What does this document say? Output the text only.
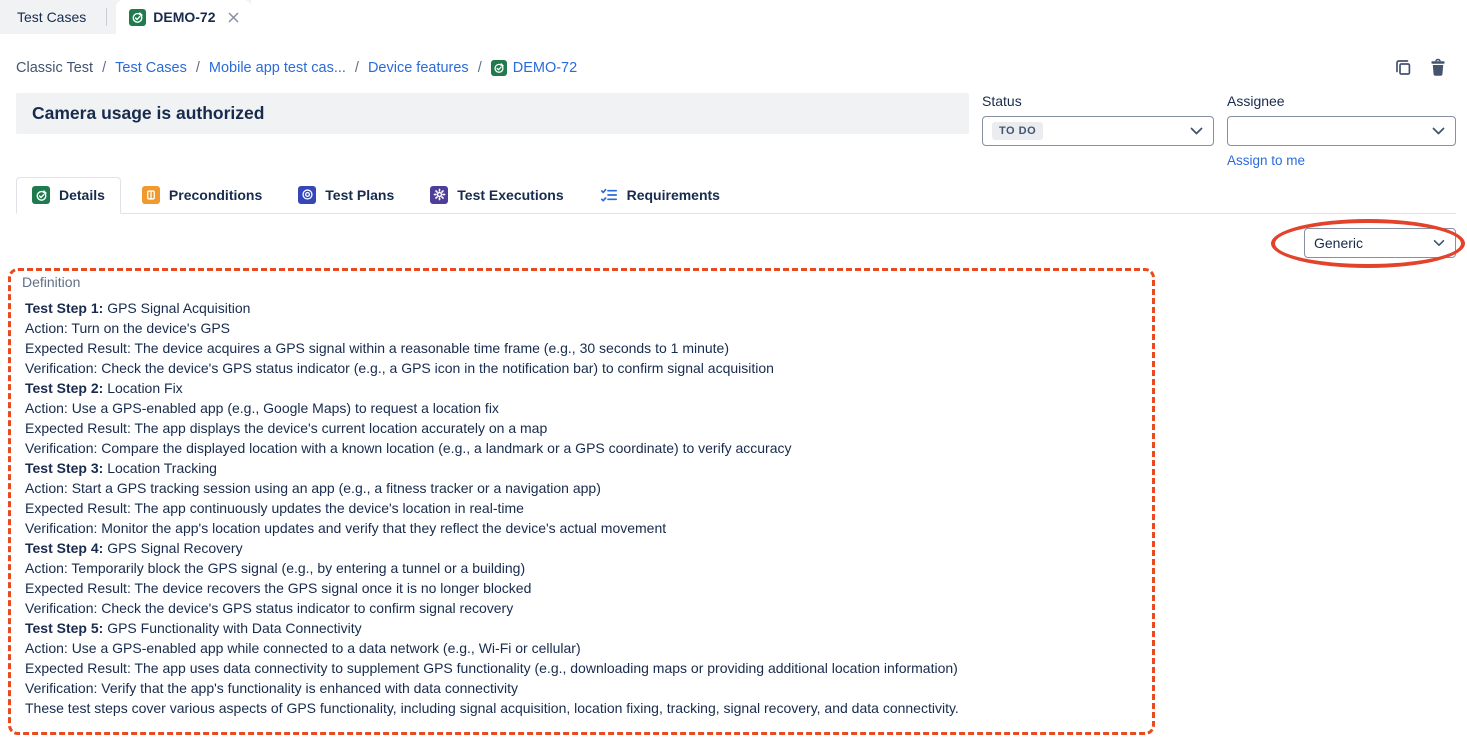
Test Cases	DEMO-72
Classic Test / Test Cases / Mobile app test cas... / Device features / DEMO-72
Camera usage is authorized
Status
TO DO
Assignee
Assign to me
Details	Preconditions	Test Plans	Test Executions	Requirements
Generic
Definition

Test Step 1: GPS Signal Acquisition

Action: Turn on the device's GPS

Expected Result: The device acquires a GPS signal within a reasonable time frame (e.g., 30 seconds to 1 minute)

Verification: Check the device's GPS status indicator (e.g., a GPS icon in the notification bar) to confirm signal acquisition

Test Step 2: Location Fix

Action: Use a GPS-enabled app (e.g., Google Maps) to request a location fix

Expected Result: The app displays the device's current location accurately on a map

Verification: Compare the displayed location with a known location (e.g., a landmark or a GPS coordinate) to verify accuracy

Test Step 3: Location Tracking

Action: Start a GPS tracking session using an app (e.g., a fitness tracker or a navigation app)

Expected Result: The app continuously updates the device's location in real-time

Verification: Monitor the app's location updates and verify that they reflect the device's actual movement

Test Step 4: GPS Signal Recovery

Action: Temporarily block the GPS signal (e.g., by entering a tunnel or a building)

Expected Result: The device recovers the GPS signal once it is no longer blocked

Verification: Check the device's GPS status indicator to confirm signal recovery

Test Step 5: GPS Functionality with Data Connectivity

Action: Use a GPS-enabled app while connected to a data network (e.g., Wi-Fi or cellular)

Expected Result: The app uses data connectivity to supplement GPS functionality (e.g., downloading maps or providing additional location information)

Verification: Verify that the app's functionality is enhanced with data connectivity

These test steps cover various aspects of GPS functionality, including signal acquisition, location fixing, tracking, signal recovery, and data connectivity.
